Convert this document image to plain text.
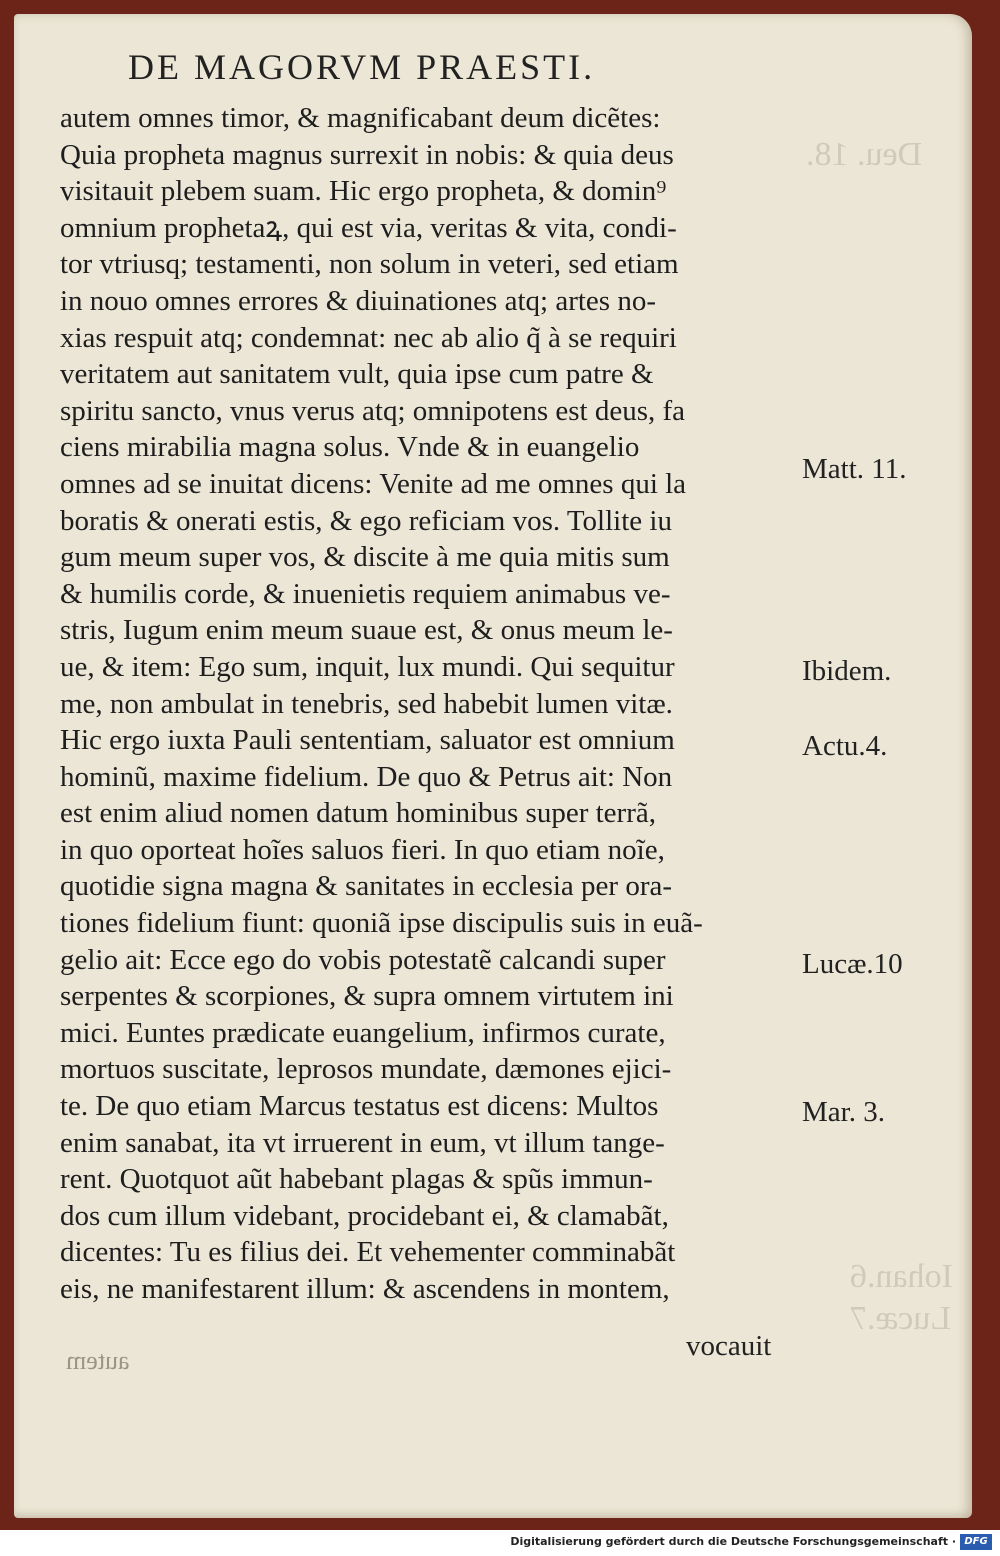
Deu. 18.
Iohan.6
Lucæ.7
DE MAGORVM PRAESTI.
autem omnes timor, & magnificabant deum dicẽtes:
Quia propheta magnus surrexit in nobis: & quia deus
visitauit plebem suam. Hic ergo propheta, & domin⁹
omnium prophetaꝝ, qui est via, veritas & vita, condi-
tor vtriusq; testamenti, non solum in veteri, sed etiam
in nouo omnes errores & diuinationes atq; artes no-
xias respuit atq; condemnat: nec ab alio q̃ à se requiri
veritatem aut sanitatem vult, quia ipse cum patre &
spiritu sancto, vnus verus atq; omnipotens est deus, fa
ciens mirabilia magna solus. Vnde & in euangelio
omnes ad se inuitat dicens: Venite ad me omnes qui la
boratis & onerati estis, & ego reficiam vos. Tollite iu
gum meum super vos, & discite à me quia mitis sum
& humilis corde, & inuenietis requiem animabus ve-
stris, Iugum enim meum suaue est, & onus meum le-
ue, & item: Ego sum, inquit, lux mundi. Qui sequitur
me, non ambulat in tenebris, sed habebit lumen vitæ.
Hic ergo iuxta Pauli sententiam, saluator est omnium
hominũ, maxime fidelium. De quo & Petrus ait: Non
est enim aliud nomen datum hominibus super terrã,
in quo oporteat hoĩes saluos fieri. In quo etiam noĩe,
quotidie signa magna & sanitates in ecclesia per ora-
tiones fidelium fiunt: quoniã ipse discipulis suis in euã-
gelio ait: Ecce ego do vobis potestatẽ calcandi super
serpentes & scorpiones, & supra omnem virtutem ini
mici. Euntes prædicate euangelium, infirmos curate,
mortuos suscitate, leprosos mundate, dæmones ejici-
te. De quo etiam Marcus testatus est dicens: Multos
enim sanabat, ita vt irruerent in eum, vt illum tange-
rent. Quotquot aũt habebant plagas & spũs immun-
dos cum illum videbant, procidebant ei, & clamabãt,
dicentes: Tu es filius dei. Et vehementer comminabãt
eis, ne manifestarent illum: & ascendens in montem,
Matt. 11.
Ibidem.
Actu.4.
Lucæ.10
Mar. 3.
vocauit
autem
Digitalisierung gefördert durch die Deutsche Forschungsgemeinschaft · DFG
